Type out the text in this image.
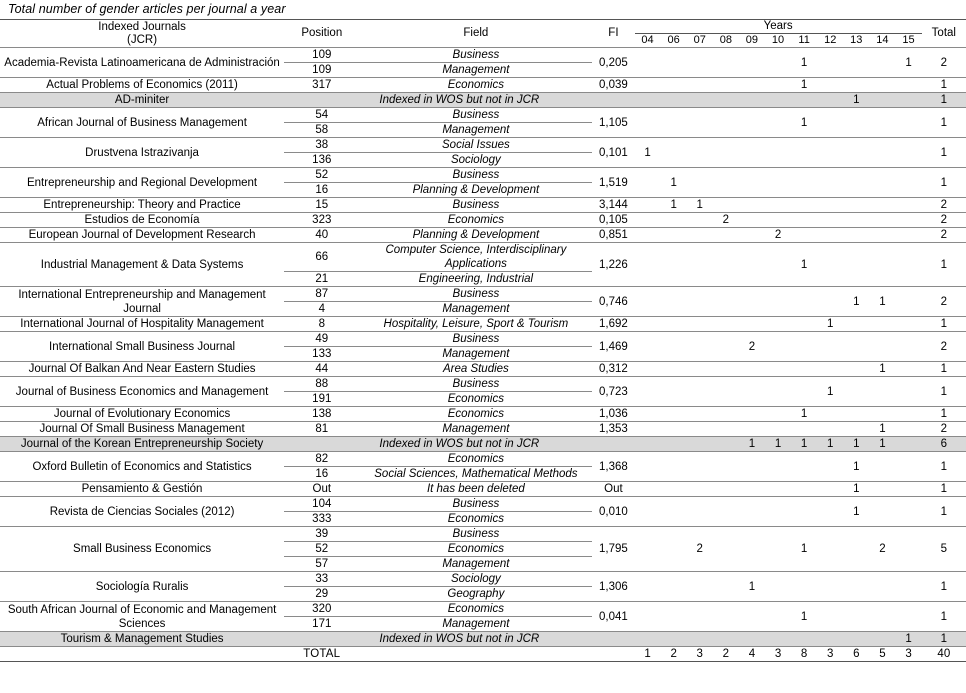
Total number of gender articles per journal a year
Indexed Journals
(JCR)	Position	Field	FI	Years											Total
				04	06	07	08	09	10	11	12	13	14	15	
Academia-Revista Latinoamericana de Administración	109	Business	0,205							1				1	2
	109	Management													
Actual Problems of Economics (2011)	317	Economics	0,039							1					1
AD-miniter	Indexed in WOS but not in JCR											1			1
African Journal of Business Management	54	Business	1,105							1					1
	58	Management													
Drustvena Istrazivanja	38	Social Issues	0,101	1											1
	136	Sociology													
Entrepreneurship and Regional Development	52	Business	1,519		1										1
	16	Planning & Development													
Entrepreneurship: Theory and Practice	15	Business	3,144		1	1									2
Estudios de Economía	323	Economics	0,105				2								2
European Journal of Development Research	40	Planning & Development	0,851						2						2
Industrial Management & Data Systems	66	Computer Science, Interdisciplinary Applications	1,226							1					1
	21	Engineering, Industrial													
International Entrepreneurship and Management Journal	87	Business	0,746									1	1		2
	4	Management													
International Journal of Hospitality Management	8	Hospitality, Leisure, Sport & Tourism	1,692								1				1
International Small Business Journal	49	Business	1,469					2							2
	133	Management													
Journal Of Balkan And Near Eastern Studies	44	Area Studies	0,312										1		1
Journal of Business Economics and Management	88	Business	0,723								1				1
	191	Economics													
Journal of Evolutionary Economics	138	Economics	1,036							1					1
Journal Of Small Business Management	81	Management	1,353										1		2
Journal of the Korean Entrepreneurship Society	Indexed in WOS but not in JCR							1	1	1	1	1	1		6
Oxford Bulletin of Economics and Statistics	82	Economics	1,368									1			1
	16	Social Sciences, Mathematical Methods													
Pensamiento & Gestión	Out	It has been deleted	Out									1			1
Revista de Ciencias Sociales (2012)	104	Business	0,010									1			1
	333	Economics													
Small Business Economics	39	Business	1,795			2				1			2		5
	52	Economics													
	57	Management													
Sociología Ruralis	33	Sociology	1,306					1							1
	29	Geography													
South African Journal of Economic and Management Sciences	320	Economics	0,041							1					1
	171	Management													
Tourism & Management Studies	Indexed in WOS but not in JCR													1	1
	TOTAL			1	2	3	2	4	3	8	3	6	5	3	40
